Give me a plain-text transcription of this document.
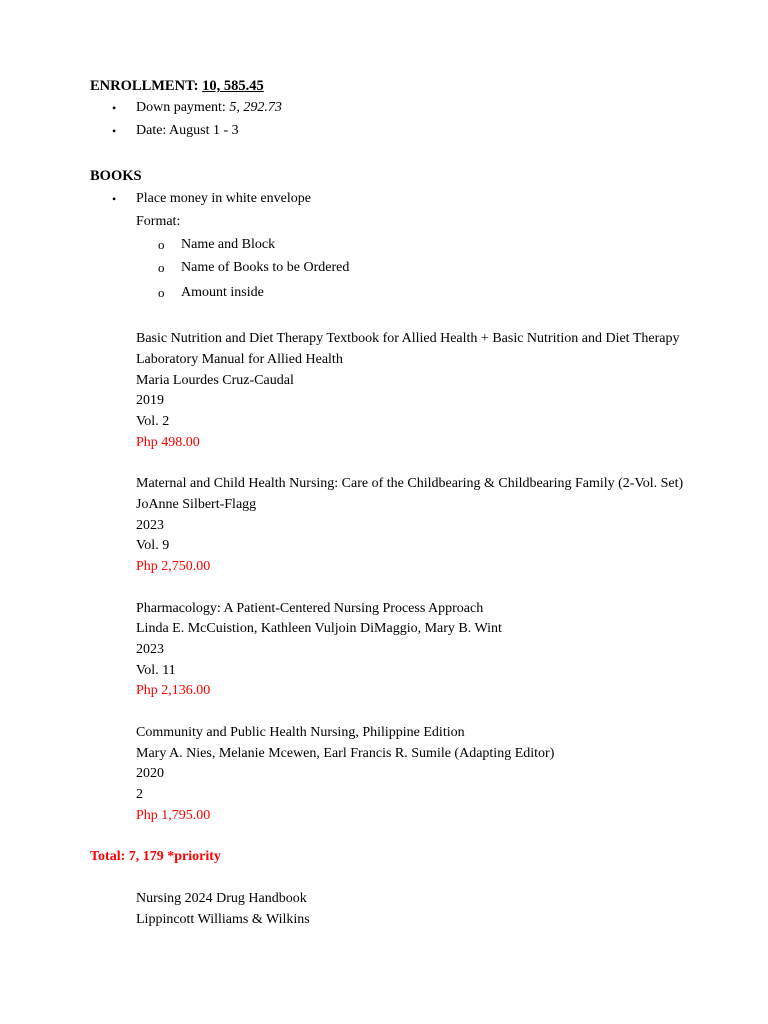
ENROLLMENT: 10, 585.45
• Down payment: 5, 292.73
• Date: August 1 - 3
BOOKS
• Place money in white envelope
Format:
o Name and Block
o Name of Books to be Ordered
o Amount inside
Basic Nutrition and Diet Therapy Textbook for Allied Health + Basic Nutrition and Diet Therapy
Laboratory Manual for Allied Health
Maria Lourdes Cruz-Caudal
2019
Vol. 2
Php 498.00
Maternal and Child Health Nursing: Care of the Childbearing & Childbearing Family (2-Vol. Set)
JoAnne Silbert-Flagg
2023
Vol. 9
Php 2,750.00
Pharmacology: A Patient-Centered Nursing Process Approach
Linda E. McCuistion, Kathleen Vuljoin DiMaggio, Mary B. Wint
2023
Vol. 11
Php 2,136.00
Community and Public Health Nursing, Philippine Edition
Mary A. Nies, Melanie Mcewen, Earl Francis R. Sumile (Adapting Editor)
2020
2
Php 1,795.00
Total: 7, 179 *priority
Nursing 2024 Drug Handbook
Lippincott Williams & Wilkins
